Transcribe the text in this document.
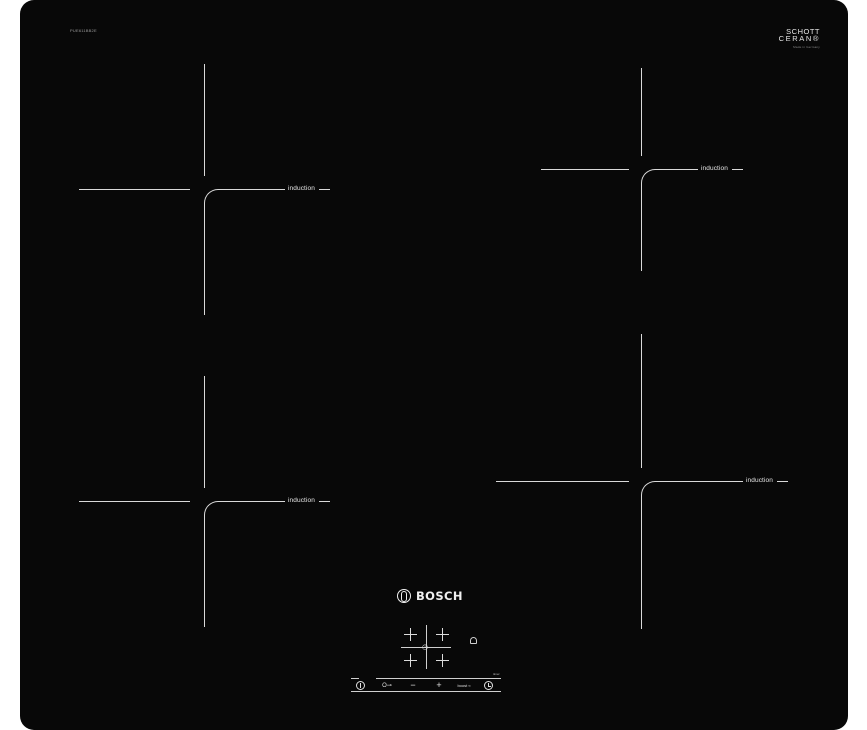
PUE611BB2E	SCHOTT
CERAN®
Made in Germany
induction
induction
induction
induction
BOSCH
◷
O⊸	−	+	boost ≈
timer
